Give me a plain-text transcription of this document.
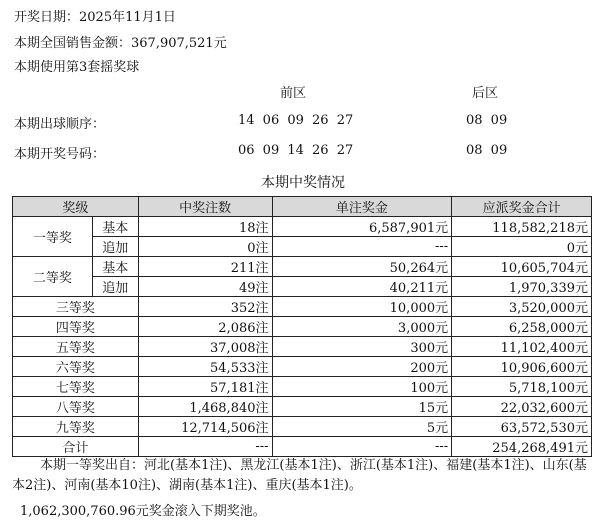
开奖日期：2025年11月1日
本期全国销售金额：367,907,521元
本期使用第3套摇奖球
前区	后区
本期出球顺序：	14 06 09 26 27	08 09
本期开奖号码：	06 09 14 26 27	08 09
本期中奖情况
奖级		中奖注数	单注奖金	应派奖金合计
一等奖	基本	18注	6,587,901元	118,582,218元
	追加	0注	---	0元
二等奖	基本	211注	50,264元	10,605,704元
	追加	49注	40,211元	1,970,339元
三等奖		352注	10,000元	3,520,000元
四等奖		2,086注	3,000元	6,258,000元
五等奖		37,008注	300元	11,102,400元
六等奖		54,533注	200元	10,906,600元
七等奖		57,181注	100元	5,718,100元
八等奖		1,468,840注	15元	22,032,600元
九等奖		12,714,506注	5元	63,572,530元
合计		---	---	254,268,491元
本期一等奖出自：河北(基本1注)、黑龙江(基本1注)、浙江(基本1注)、福建(基本1注)、山东(基本2注)、河南(基本10注)、湖南(基本1注)、重庆(基本1注)。
1,062,300,760.96元奖金滚入下期奖池。
